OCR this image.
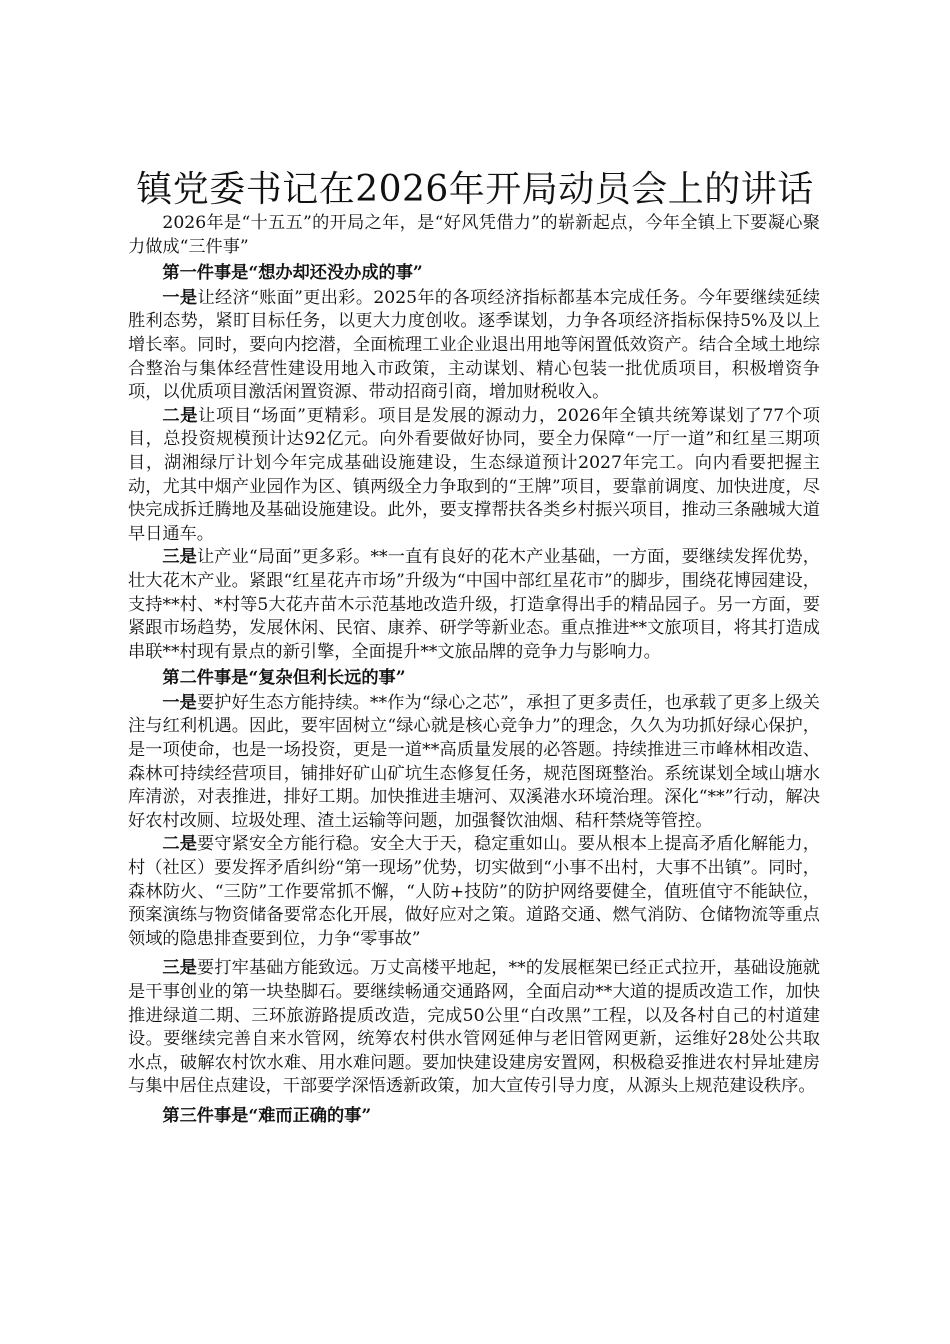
镇党委书记在2026年开局动员会上的讲话

2026年是“十五五”的开局之年，是“好风凭借力”的崭新起点，今年全镇上下要凝心聚力做成“三件事”

第一件事是“想办却还没办成的事”

一是让经济“账面”更出彩。2025年的各项经济指标都基本完成任务。今年要继续延续胜利态势，紧盯目标任务，以更大力度创收。逐季谋划，力争各项经济指标保持5%及以上增长率。同时，要向内挖潜，全面梳理工业企业退出用地等闲置低效资产。结合全域土地综合整治与集体经营性建设用地入市政策，主动谋划、精心包装一批优质项目，积极增资争项，以优质项目激活闲置资源、带动招商引商，增加财税收入。

二是让项目“场面”更精彩。项目是发展的源动力，2026年全镇共统筹谋划了77个项目，总投资规模预计达92亿元。向外看要做好协同，要全力保障“一厅一道”和红星三期项目，湖湘绿厅计划今年完成基础设施建设，生态绿道预计2027年完工。向内看要把握主动，尤其中烟产业园作为区、镇两级全力争取到的“王牌”项目，要靠前调度、加快进度，尽快完成拆迁腾地及基础设施建设。此外，要支撑帮扶各类乡村振兴项目，推动三条融城大道早日通车。

三是让产业“局面”更多彩。**一直有良好的花木产业基础，一方面，要继续发挥优势，壮大花木产业。紧跟“红星花卉市场”升级为“中国中部红星花市”的脚步，围绕花博园建设，支持**村、*村等5大花卉苗木示范基地改造升级，打造拿得出手的精品园子。另一方面，要紧跟市场趋势，发展休闲、民宿、康养、研学等新业态。重点推进**文旅项目，将其打造成串联**村现有景点的新引擎，全面提升**文旅品牌的竞争力与影响力。

第二件事是“复杂但利长远的事”

一是要护好生态方能持续。**作为“绿心之芯”，承担了更多责任，也承载了更多上级关注与红利机遇。因此，要牢固树立“绿心就是核心竞争力”的理念，久久为功抓好绿心保护，是一项使命，也是一场投资，更是一道**高质量发展的必答题。持续推进三市峰林相改造、森林可持续经营项目，铺排好矿山矿坑生态修复任务，规范图斑整治。系统谋划全域山塘水库清淤，对表推进，排好工期。加快推进圭塘河、双溪港水环境治理。深化“**”行动，解决好农村改厕、垃圾处理、渣土运输等问题，加强餐饮油烟、秸秆禁烧等管控。

二是要守紧安全方能行稳。安全大于天，稳定重如山。要从根本上提高矛盾化解能力，村（社区）要发挥矛盾纠纷“第一现场”优势，切实做到“小事不出村，大事不出镇”。同时，森林防火、“三防”工作要常抓不懈，“人防+技防”的防护网络要健全，值班值守不能缺位，预案演练与物资储备要常态化开展，做好应对之策。道路交通、燃气消防、仓储物流等重点领域的隐患排查要到位，力争“零事故”

三是要打牢基础方能致远。万丈高楼平地起，**的发展框架已经正式拉开，基础设施就是干事创业的第一块垫脚石。要继续畅通交通路网，全面启动**大道的提质改造工作，加快推进绿道二期、三环旅游路提质改造，完成50公里“白改黑”工程，以及各村自己的村道建设。要继续完善自来水管网，统筹农村供水管网延伸与老旧管网更新，运维好28处公共取水点，破解农村饮水难、用水难问题。要加快建设建房安置网，积极稳妥推进农村异址建房与集中居住点建设，干部要学深悟透新政策，加大宣传引导力度，从源头上规范建设秩序。

第三件事是“难而正确的事”
